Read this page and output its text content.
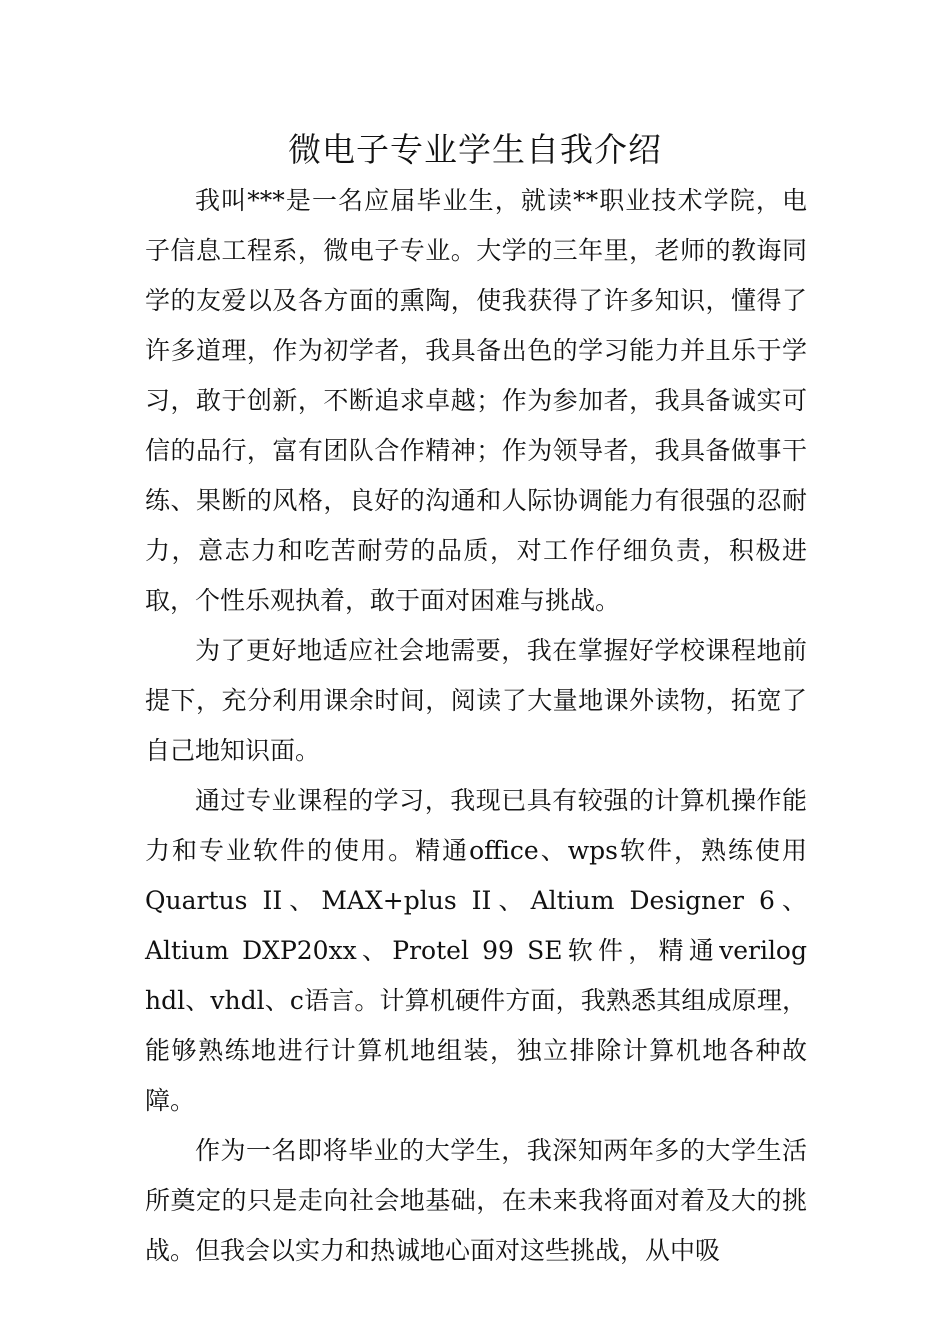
微电子专业学生自我介绍

我叫***是一名应届毕业生，就读**职业技术学院，电子信息工程系，微电子专业。大学的三年里，老师的教诲同学的友爱以及各方面的熏陶，使我获得了许多知识，懂得了许多道理，作为初学者，我具备出色的学习能力并且乐于学习，敢于创新，不断追求卓越；作为参加者，我具备诚实可信的品行，富有团队合作精神；作为领导者，我具备做事干练、果断的风格，良好的沟通和人际协调能力有很强的忍耐力，意志力和吃苦耐劳的品质，对工作仔细负责，积极进取，个性乐观执着，敢于面对困难与挑战。

为了更好地适应社会地需要，我在掌握好学校课程地前提下，充分利用课余时间，阅读了大量地课外读物，拓宽了自己地知识面。

通过专业课程的学习，我现已具有较强的计算机操作能力和专业软件的使用。精通office、wps软件，熟练使用Quartus II、MAX+plus II、Altium Designer 6、Altium DXP20xx、Protel 99 SE软件，精通verilog hdl、vhdl、c语言。计算机硬件方面，我熟悉其组成原理，能够熟练地进行计算机地组装，独立排除计算机地各种故障。

作为一名即将毕业的大学生，我深知两年多的大学生活所奠定的只是走向社会地基础，在未来我将面对着及大的挑战。但我会以实力和热诚地心面对这些挑战，从中吸
